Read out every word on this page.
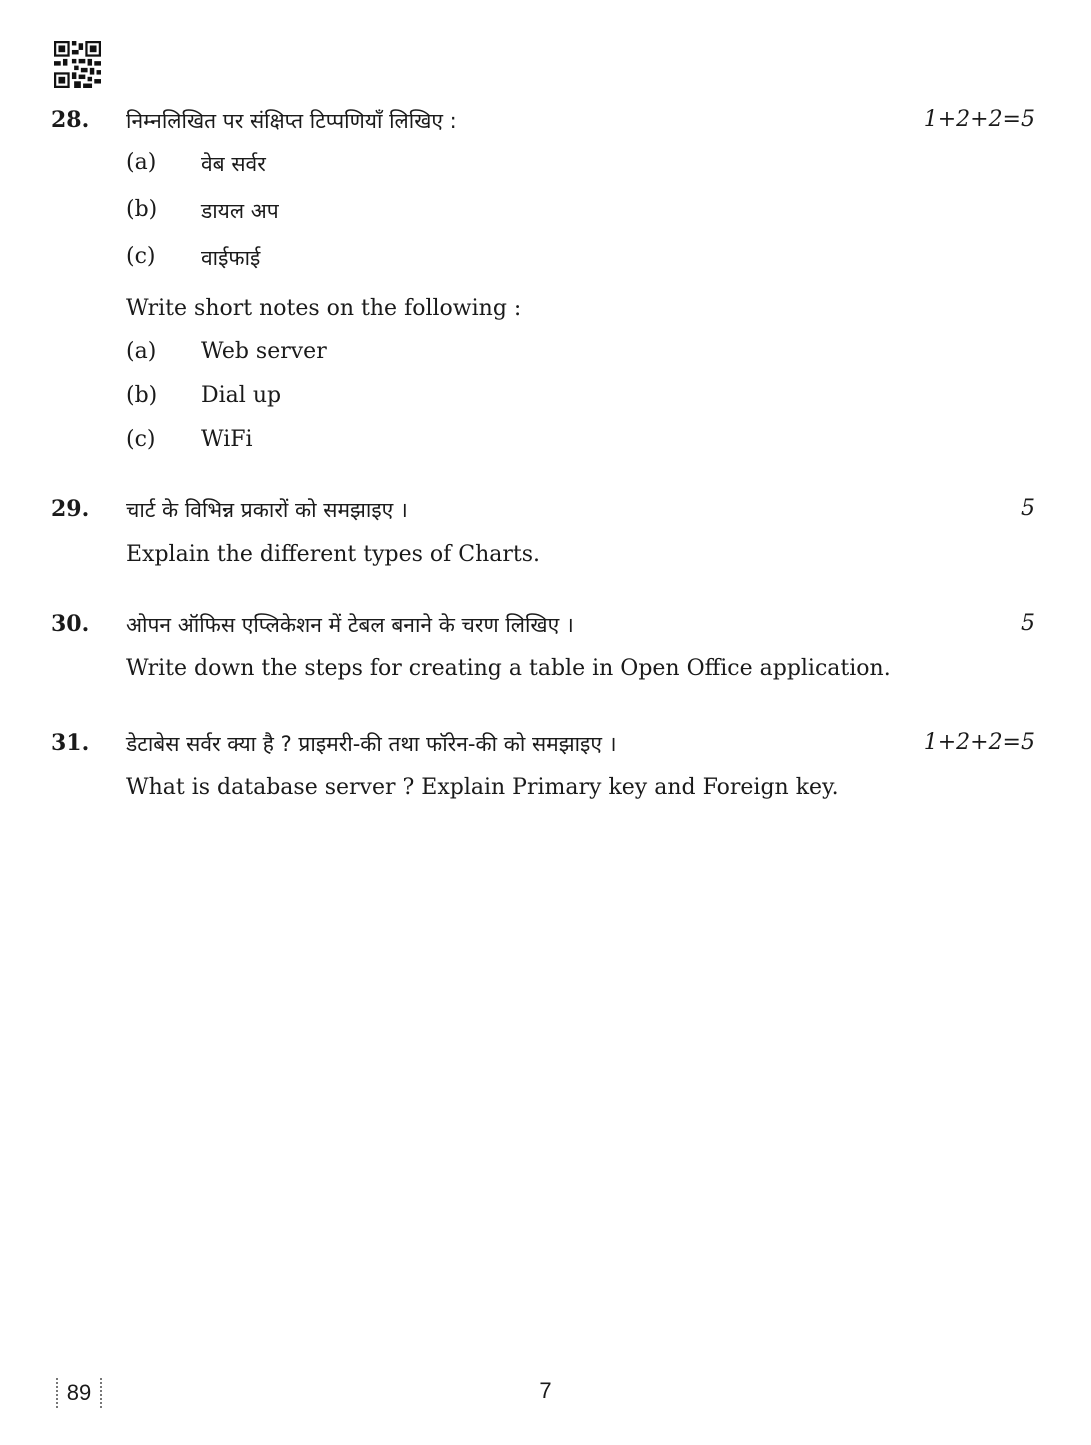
28. निम्नलिखित पर संक्षिप्त टिप्पणियाँ लिखिए :	1+2+2=5
(a) वेब सर्वर
(b) डायल अप
(c) वाईफाई
Write short notes on the following :
(a) Web server
(b) Dial up
(c) WiFi
29. चार्ट के विभिन्न प्रकारों को समझाइए ।	5
Explain the different types of Charts.
30. ओपन ऑफिस एप्लिकेशन में टेबल बनाने के चरण लिखिए ।	5
Write down the steps for creating a table in Open Office application.
31. डेटाबेस सर्वर क्या है ? प्राइमरी-की तथा फॉरेन-की को समझाइए ।	1+2+2=5
What is database server ? Explain Primary key and Foreign key.
89	7
